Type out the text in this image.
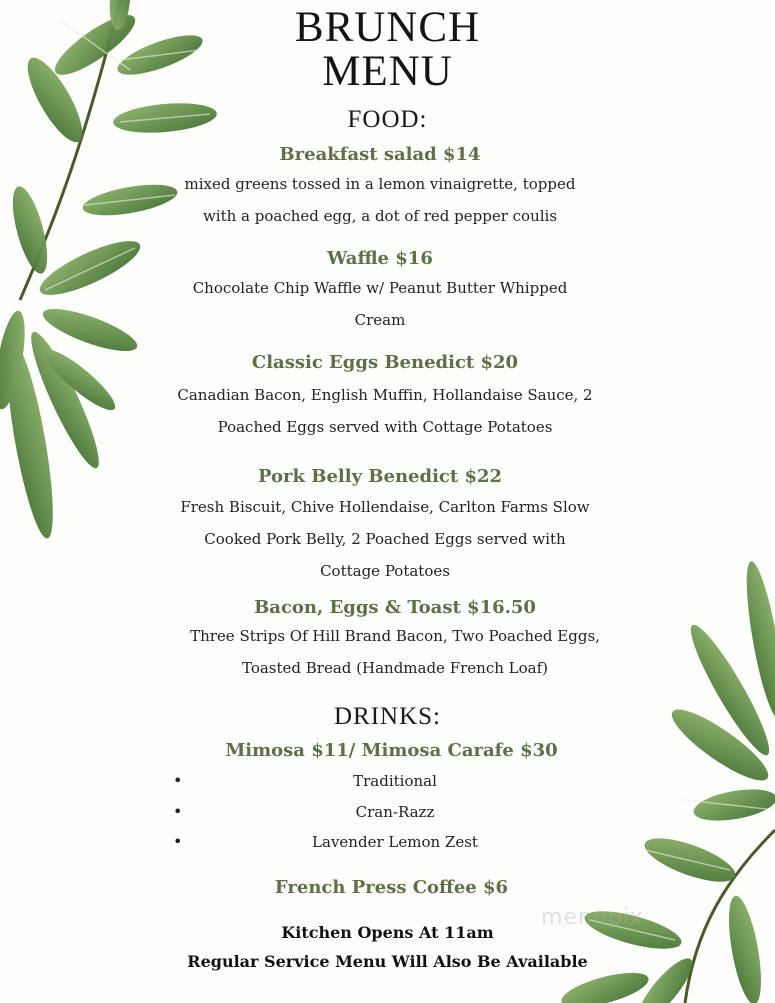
BRUNCH
MENU
FOOD:
Breakfast salad $14
mixed greens tossed in a lemon vinaigrette, topped
with a poached egg, a dot of red pepper coulis
Waffle $16
Chocolate Chip Waffle w/ Peanut Butter Whipped
Cream
Classic Eggs Benedict $20
Canadian Bacon, English Muffin, Hollandaise Sauce, 2
Poached Eggs served with Cottage Potatoes
Pork Belly Benedict $22
Fresh Biscuit, Chive Hollendaise, Carlton Farms Slow
Cooked Pork Belly, 2 Poached Eggs served with
Cottage Potatoes
Bacon, Eggs & Toast $16.50
Three Strips Of Hill Brand Bacon, Two Poached Eggs,
Toasted Bread (Handmade French Loaf)
DRINKS:
Mimosa $11/ Mimosa Carafe $30
•	Traditional
•	Cran-Razz
•	Lavender Lemon Zest
French Press Coffee $6
menupix
Kitchen Opens At 11am
Regular Service Menu Will Also Be Available
